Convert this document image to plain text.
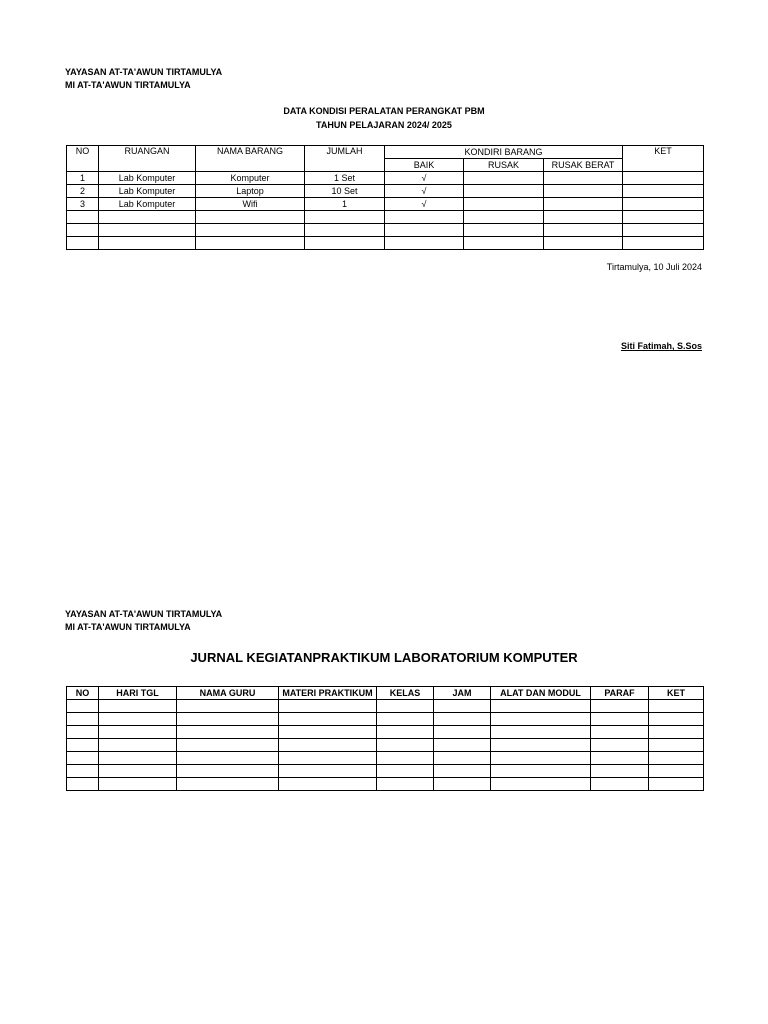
YAYASAN AT-TA'AWUN TIRTAMULYA
MI AT-TA'AWUN TIRTAMULYA
DATA KONDISI PERALATAN PERANGKAT PBM
TAHUN PELAJARAN 2024/ 2025
NO	RUANGAN	NAMA BARANG	JUMLAH	KONDIRI BARANG			KET
				BAIK	RUSAK	RUSAK BERAT	
1	Lab Komputer	Komputer	1 Set	√			
2	Lab Komputer	Laptop	10 Set	√			
3	Lab Komputer	Wifi	1	√			

Tirtamulya, 10 Juli 2024
Siti Fatimah, S.Sos
YAYASAN AT-TA'AWUN TIRTAMULYA
MI AT-TA'AWUN TIRTAMULYA
JURNAL KEGIATANPRAKTIKUM LABORATORIUM KOMPUTER
NO	HARI TGL	NAMA GURU	MATERI PRAKTIKUM	KELAS	JAM	ALAT DAN MODUL	PARAF	KET
